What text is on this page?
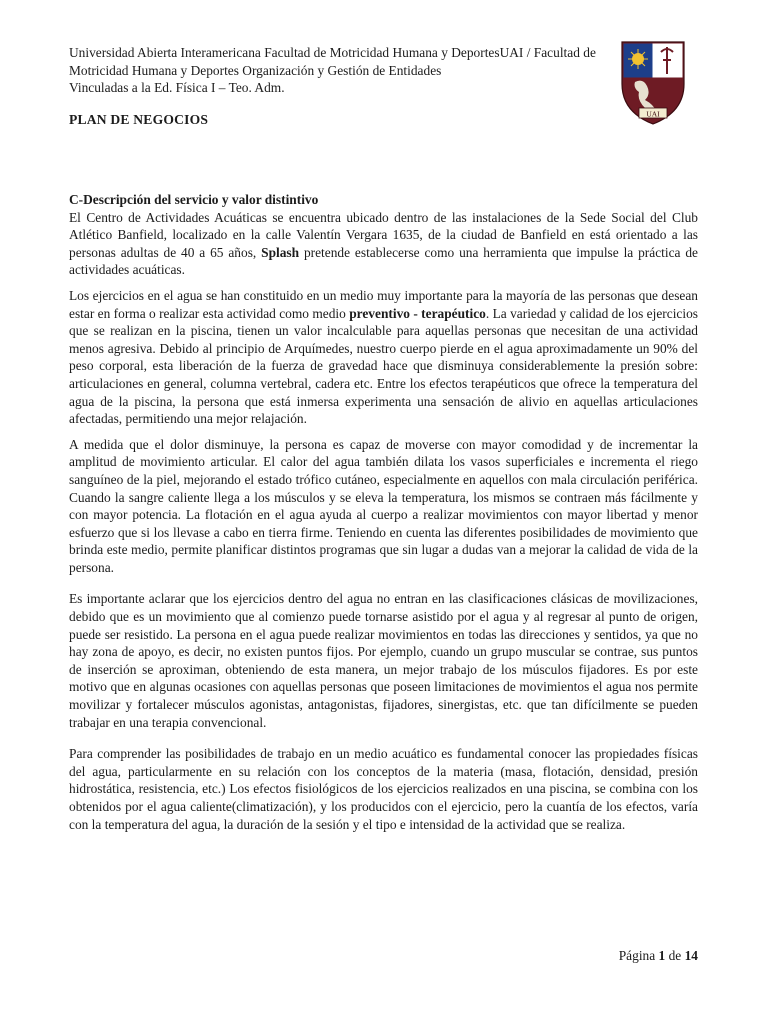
Universidad Abierta Interamericana Facultad de Motricidad Humana y DeportesUAI / Facultad de

Motricidad Humana y Deportes Organización y Gestión de Entidades

Vinculadas a la Ed. Física I – Teo. Adm.

UAI
PLAN DE NEGOCIOS

C-Descripción del servicio y valor distintivo
El Centro de Actividades Acuáticas se encuentra ubicado dentro de las instalaciones de la Sede Social del Club Atlético Banfield, localizado en la calle Valentín Vergara 1635, de la ciudad de Banfield en está orientado a las personas adultas de 40 a 65 años, Splash pretende establecerse como una herramienta que impulse la práctica de actividades acuáticas.

Los ejercicios en el agua se han constituido en un medio muy importante para la mayoría de las personas que desean estar en forma o realizar esta actividad como medio preventivo - terapéutico. La variedad y calidad de los ejercicios que se realizan en la piscina, tienen un valor incalculable para aquellas personas que necesitan de una actividad menos agresiva. Debido al principio de Arquímedes, nuestro cuerpo pierde en el agua aproximadamente un 90% del peso corporal, esta liberación de la fuerza de gravedad hace que disminuya considerablemente la presión sobre: articulaciones en general, columna vertebral, cadera etc. Entre los efectos terapéuticos que ofrece la temperatura del agua de la piscina, la persona que está inmersa experimenta una sensación de alivio en aquellas articulaciones afectadas, permitiendo una mejor relajación.

A medida que el dolor disminuye, la persona es capaz de moverse con mayor comodidad y de incrementar la amplitud de movimiento articular. El calor del agua también dilata los vasos superficiales e incrementa el riego sanguíneo de la piel, mejorando el estado trófico cutáneo, especialmente en aquellos con mala circulación periférica. Cuando la sangre caliente llega a los músculos y se eleva la temperatura, los mismos se contraen más fácilmente y con mayor potencia. La flotación en el agua ayuda al cuerpo a realizar movimientos con mayor libertad y menor esfuerzo que si los llevase a cabo en tierra firme. Teniendo en cuenta las diferentes posibilidades de movimiento que brinda este medio, permite planificar distintos programas que sin lugar a dudas van a mejorar la calidad de vida de la persona.

Es importante aclarar que los ejercicios dentro del agua no entran en las clasificaciones clásicas de movilizaciones, debido que es un movimiento que al comienzo puede tornarse asistido por el agua y al regresar al punto de origen, puede ser resistido. La persona en el agua puede realizar movimientos en todas las direcciones y sentidos, ya que no hay zona de apoyo, es decir, no existen puntos fijos. Por ejemplo, cuando un grupo muscular se contrae, sus puntos de inserción se aproximan, obteniendo de esta manera, un mejor trabajo de los músculos fijadores. Es por este motivo que en algunas ocasiones con aquellas personas que poseen limitaciones de movimientos el agua nos permite movilizar y fortalecer músculos agonistas, antagonistas, fijadores, sinergistas, etc. que tan difícilmente se pueden trabajar en una terapia convencional.

Para comprender las posibilidades de trabajo en un medio acuático es fundamental conocer las propiedades físicas del agua, particularmente en su relación con los conceptos de la materia (masa, flotación, densidad, presión hidrostática, resistencia, etc.) Los efectos fisiológicos de los ejercicios realizados en una piscina, se combina con los obtenidos por el agua caliente(climatización), y los producidos con el ejercicio, pero la cuantía de los efectos, varía con la temperatura del agua, la duración de la sesión y el tipo e intensidad de la actividad que se realiza.

Página 1 de 14
